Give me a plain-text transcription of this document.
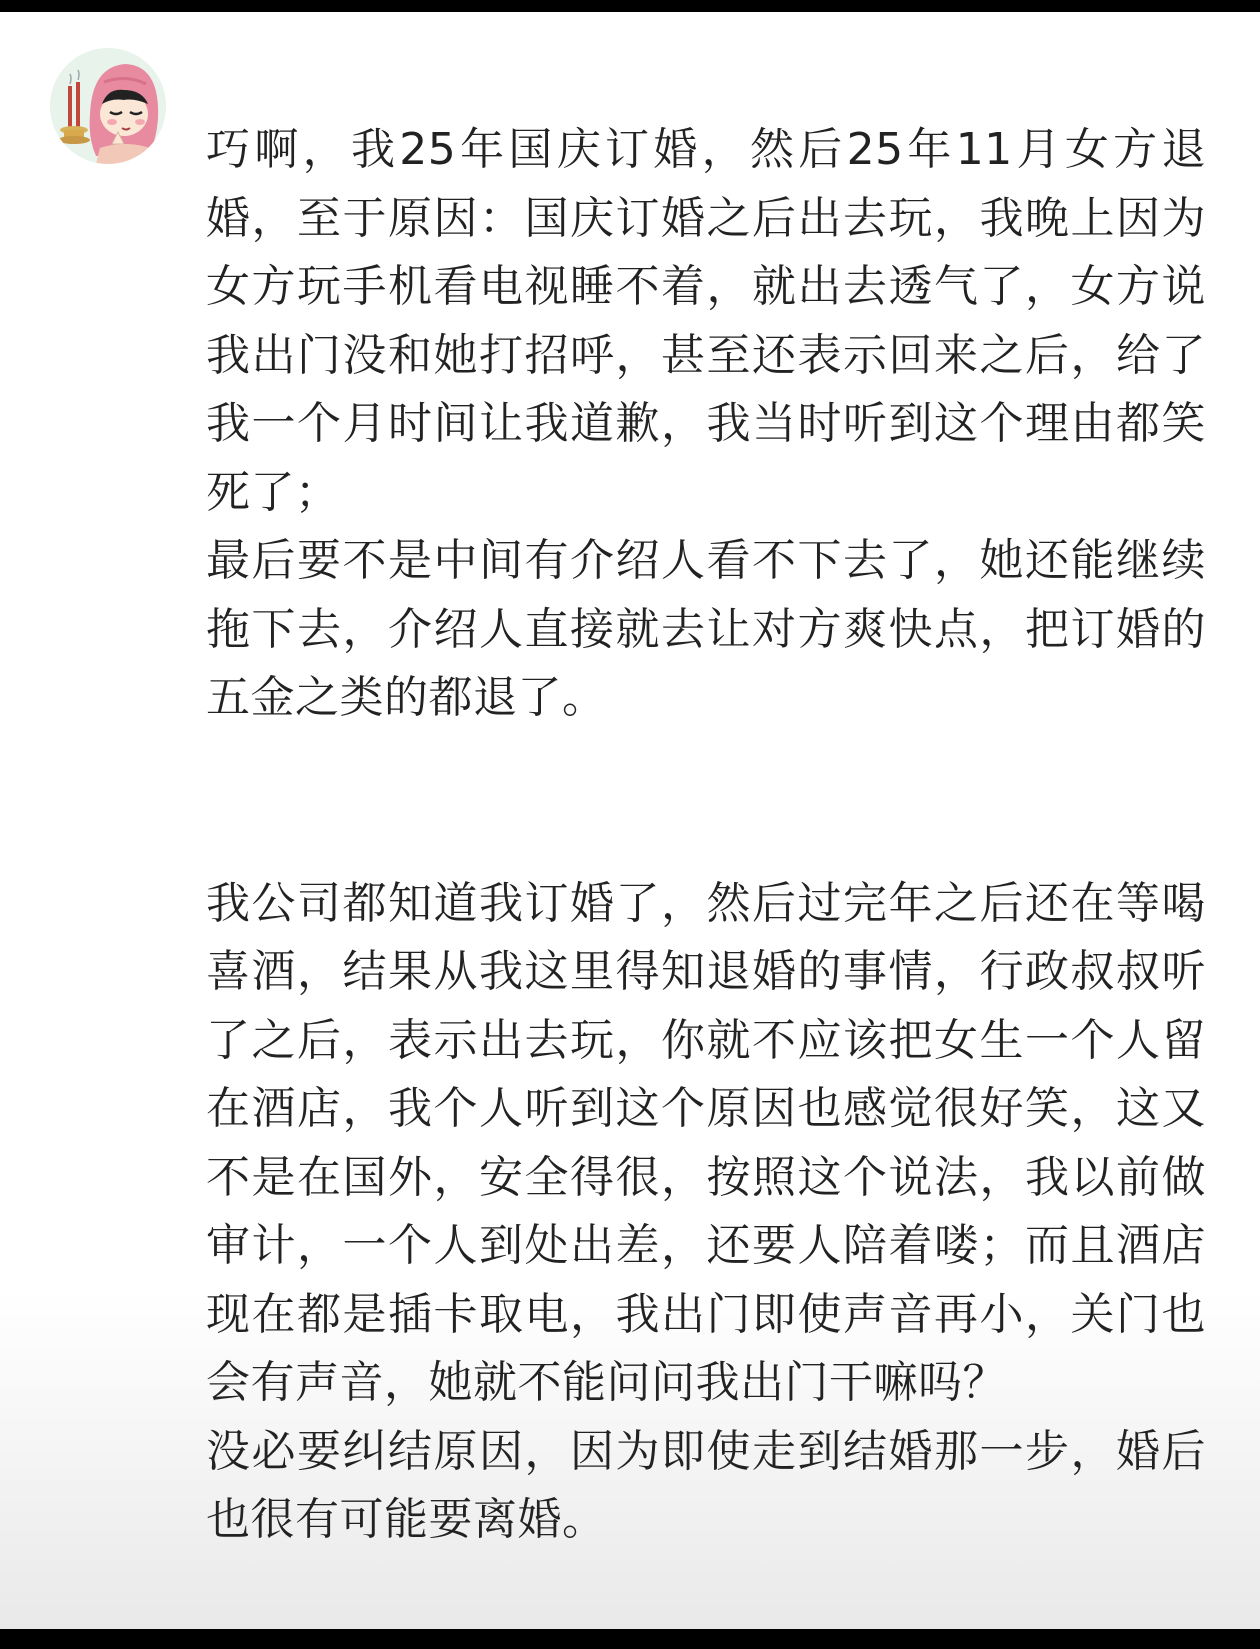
巧啊，我25年国庆订婚，然后25年11月女方退婚，至于原因：国庆订婚之后出去玩，我晚上因为女方玩手机看电视睡不着，就出去透气了，女方说我出门没和她打招呼，甚至还表示回来之后，给了我一个月时间让我道歉，我当时听到这个理由都笑死了；

最后要不是中间有介绍人看不下去了，她还能继续拖下去，介绍人直接就去让对方爽快点，把订婚的五金之类的都退了。

我公司都知道我订婚了，然后过完年之后还在等喝喜酒，结果从我这里得知退婚的事情，行政叔叔听了之后，表示出去玩，你就不应该把女生一个人留在酒店，我个人听到这个原因也感觉很好笑，这又不是在国外，安全得很，按照这个说法，我以前做审计，一个人到处出差，还要人陪着喽；而且酒店现在都是插卡取电，我出门即使声音再小，关门也会有声音，她就不能问问我出门干嘛吗？

没必要纠结原因，因为即使走到结婚那一步，婚后也很有可能要离婚。
